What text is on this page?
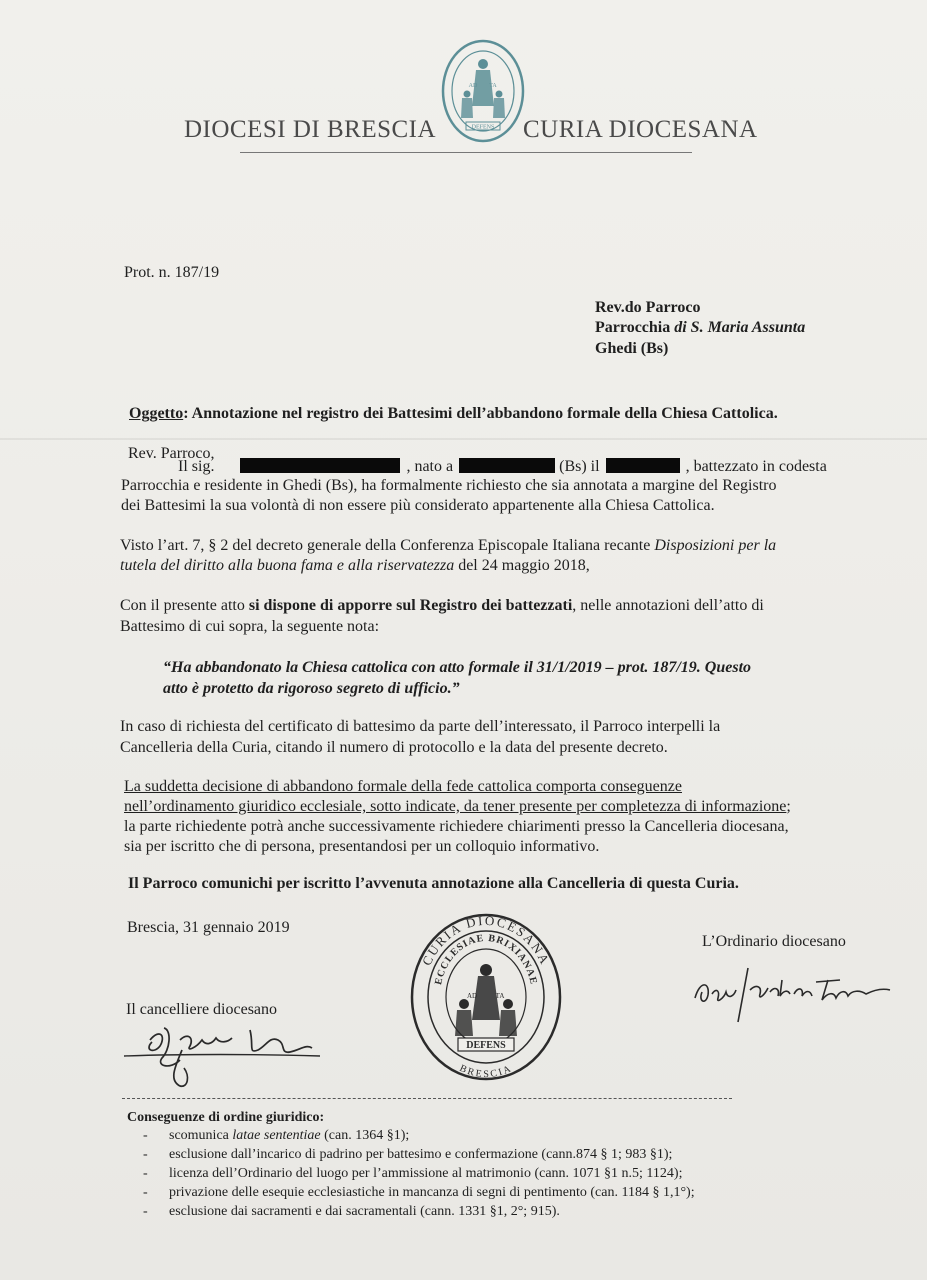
DIOCESI DI BRESCIA	CURIA DIOCESANA
DEFENS
AD TA
Prot. n. 187/19
Rev.do Parroco
Parrocchia di S. Maria Assunta
Ghedi (Bs)
Oggetto: Annotazione nel registro dei Battesimi dell’abbandono formale della Chiesa Cattolica.
Rev. Parroco,
Il sig.	, nato a	(Bs) il	, battezzato in codesta
Parrocchia e residente in Ghedi (Bs), ha formalmente richiesto che sia annotata a margine del Registro
dei Battesimi la sua volontà di non essere più considerato appartenente alla Chiesa Cattolica.
Visto l’art. 7, § 2 del decreto generale della Conferenza Episcopale Italiana recante Disposizioni per la
tutela del diritto alla buona fama e alla riservatezza del 24 maggio 2018,
Con il presente atto si dispone di apporre sul Registro dei battezzati, nelle annotazioni dell’atto di
Battesimo di cui sopra, la seguente nota:
“Ha abbandonato la Chiesa cattolica con atto formale il 31/1/2019 – prot. 187/19. Questo
atto è protetto da rigoroso segreto di ufficio.”
In caso di richiesta del certificato di battesimo da parte dell’interessato, il Parroco interpelli la
Cancelleria della Curia, citando il numero di protocollo e la data del presente decreto.
La suddetta decisione di abbandono formale della fede cattolica comporta conseguenze
nell’ordinamento giuridico ecclesiale, sotto indicate, da tener presente per completezza di informazione;
la parte richiedente potrà anche successivamente richiedere chiarimenti presso la Cancelleria diocesana,
sia per iscritto che di persona, presentandosi per un colloquio informativo.
Il Parroco comunichi per iscritto l’avvenuta annotazione alla Cancelleria di questa Curia.
Brescia, 31 gennaio 2019
L’Ordinario diocesano
CURIA DIOCESANA
ECCLESIAE BRIXIANAE
BRESCIA
AD	TA
DEFENS
Il cancelliere diocesano
Conseguenze di ordine giuridico:
- scomunica latae sententiae (can. 1364 §1);
- esclusione dall’incarico di padrino per battesimo e confermazione (cann.874 § 1; 983 §1);
- licenza dell’Ordinario del luogo per l’ammissione al matrimonio (cann. 1071 §1 n.5; 1124);
- privazione delle esequie ecclesiastiche in mancanza di segni di pentimento (can. 1184 § 1,1°);
- esclusione dai sacramenti e dai sacramentali (cann. 1331 §1, 2°; 915).
